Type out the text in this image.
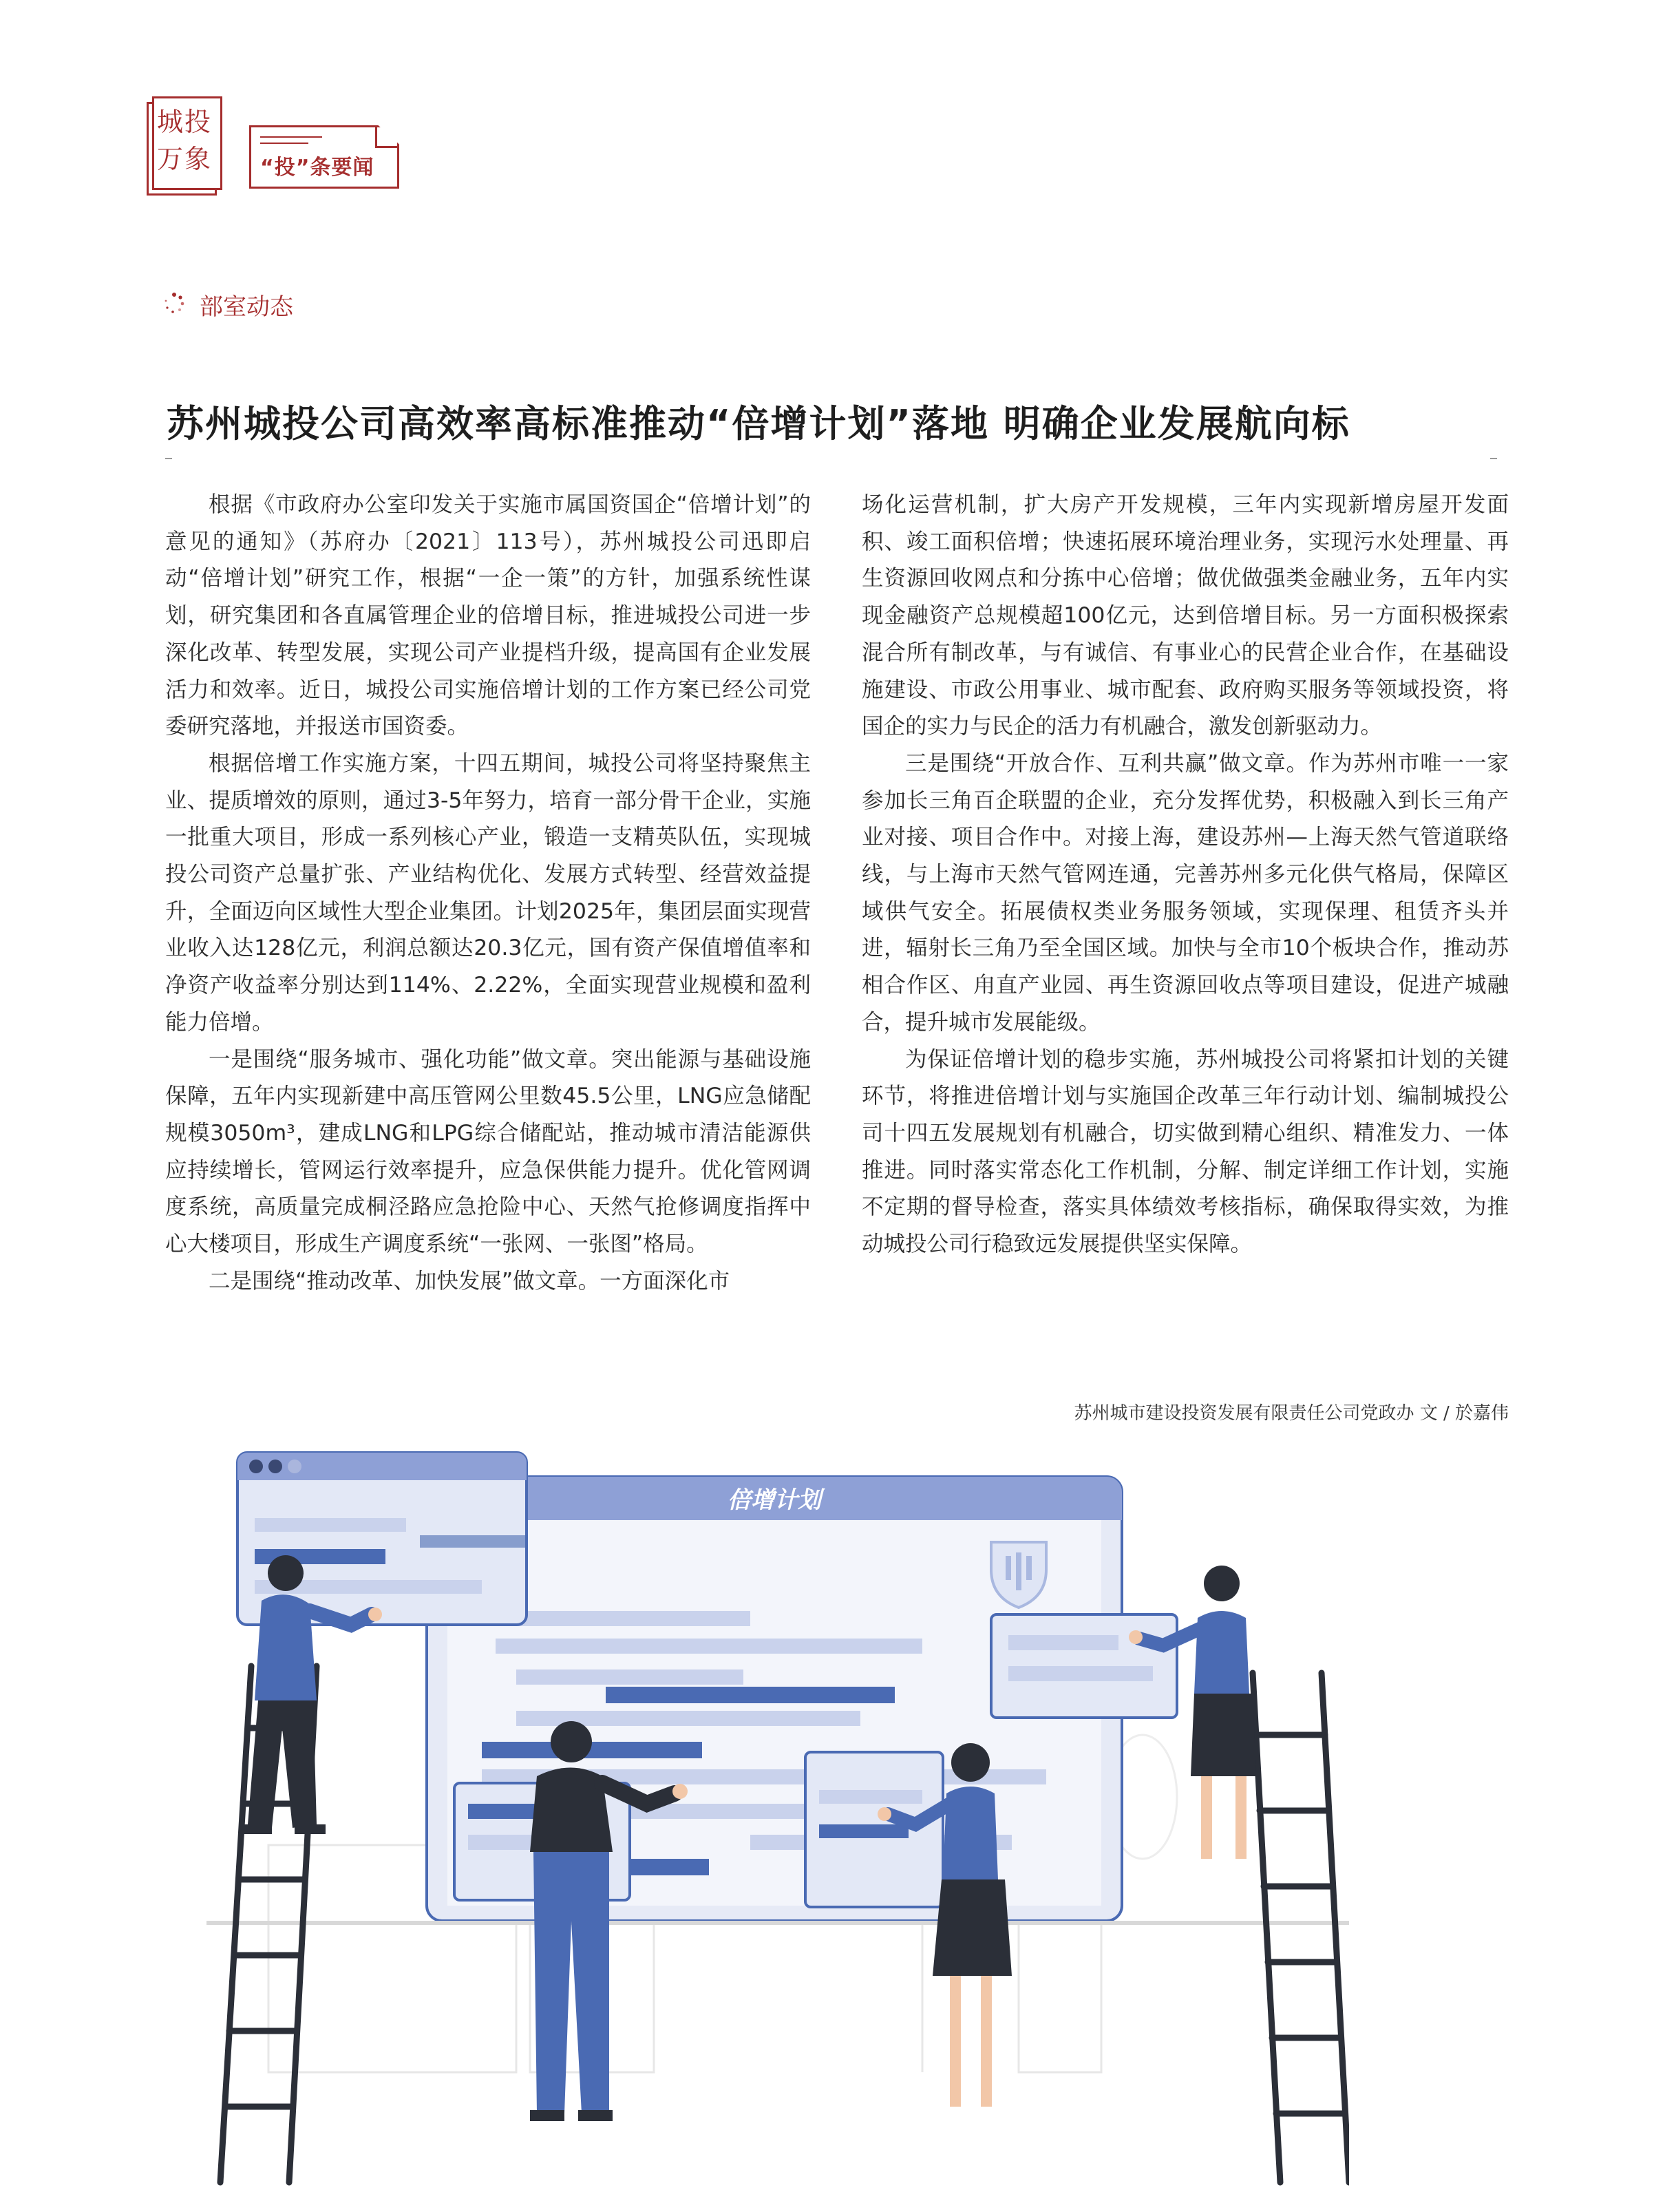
城投
万象	“投”条要闻
部室动态
苏州城投公司高效率高标准推动“倍增计划”落地 明确企业发展航向标

根据《市政府办公室印发关于实施市属国资国企“倍增计划”的意见的通知》（苏府办〔2021〕113号），苏州城投公司迅即启动“倍增计划”研究工作，根据“一企一策”的方针，加强系统性谋划，研究集团和各直属管理企业的倍增目标，推进城投公司进一步深化改革、转型发展，实现公司产业提档升级，提高国有企业发展活力和效率。近日，城投公司实施倍增计划的工作方案已经公司党委研究落地，并报送市国资委。

根据倍增工作实施方案，十四五期间，城投公司将坚持聚焦主业、提质增效的原则，通过3-5年努力，培育一部分骨干企业，实施一批重大项目，形成一系列核心产业，锻造一支精英队伍，实现城投公司资产总量扩张、产业结构优化、发展方式转型、经营效益提升，全面迈向区域性大型企业集团。计划2025年，集团层面实现营业收入达128亿元，利润总额达20.3亿元，国有资产保值增值率和净资产收益率分别达到114%、2.22%，全面实现营业规模和盈利能力倍增。

一是围绕“服务城市、强化功能”做文章。突出能源与基础设施保障，五年内实现新建中高压管网公里数45.5公里，LNG应急储配规模3050m³，建成LNG和LPG综合储配站，推动城市清洁能源供应持续增长，管网运行效率提升，应急保供能力提升。优化管网调度系统，高质量完成桐泾路应急抢险中心、天然气抢修调度指挥中心大楼项目，形成生产调度系统“一张网、一张图”格局。

二是围绕“推动改革、加快发展”做文章。一方面深化市

场化运营机制，扩大房产开发规模，三年内实现新增房屋开发面积、竣工面积倍增；快速拓展环境治理业务，实现污水处理量、再生资源回收网点和分拣中心倍增；做优做强类金融业务，五年内实现金融资产总规模超100亿元，达到倍增目标。另一方面积极探索混合所有制改革，与有诚信、有事业心的民营企业合作，在基础设施建设、市政公用事业、城市配套、政府购买服务等领域投资，将国企的实力与民企的活力有机融合，激发创新驱动力。

三是围绕“开放合作、互利共赢”做文章。作为苏州市唯一一家参加长三角百企联盟的企业，充分发挥优势，积极融入到长三角产业对接、项目合作中。对接上海，建设苏州—上海天然气管道联络线，与上海市天然气管网连通，完善苏州多元化供气格局，保障区域供气安全。拓展债权类业务服务领域，实现保理、租赁齐头并进，辐射长三角乃至全国区域。加快与全市10个板块合作，推动苏相合作区、甪直产业园、再生资源回收点等项目建设，促进产城融合，提升城市发展能级。

为保证倍增计划的稳步实施，苏州城投公司将紧扣计划的关键环节，将推进倍增计划与实施国企改革三年行动计划、编制城投公司十四五发展规划有机融合，切实做到精心组织、精准发力、一体推进。同时落实常态化工作机制，分解、制定详细工作计划，实施不定期的督导检查，落实具体绩效考核指标，确保取得实效，为推动城投公司行稳致远发展提供坚实保障。

苏州城市建设投资发展有限责任公司党政办 文 / 於嘉伟
倍增计划
